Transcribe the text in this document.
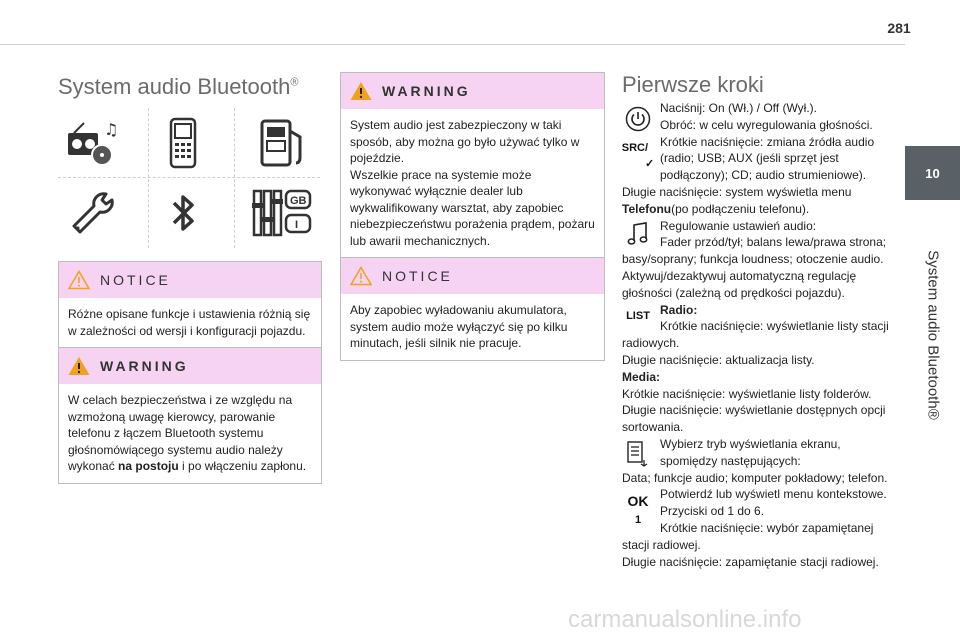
281
10
System audio Bluetooth®
System audio Bluetooth®
♫
GB
I
NOTICE
Różne opisane funkcje i ustawienia różnią się w zależności od wersji i konfiguracji pojazdu.
WARNING
W celach bezpieczeństwa i ze względu na wzmożoną uwagę kierowcy, parowanie telefonu z łączem Bluetooth systemu głośnomówiącego systemu audio należy wykonać na postoju i po włączeniu zapłonu.
WARNING
System audio jest zabezpieczony w taki sposób, aby można go było używać tylko w pojeździe.
Wszelkie prace na systemie może wykonywać wyłącznie dealer lub wykwalifikowany warsztat, aby zapobiec niebezpieczeństwu porażenia prądem, pożaru lub awarii mechanicznych.
NOTICE
Aby zapobiec wyładowaniu akumulatora, system audio może wyłączyć się po kilku minutach, jeśli silnik nie pracuje.
Pierwsze kroki
Naciśnij: On (Wł.) / Off (Wył.).
Obróć: w celu wyregulowania głośności.
SRC /✓
Krótkie naciśnięcie: zmiana źródła audio (radio; USB; AUX (jeśli sprzęt jest podłączony); CD; audio strumieniowe).
Długie naciśnięcie: system wyświetla menu Telefonu(po podłączeniu telefonu).
Regulowanie ustawień audio:
Fader przód/tył; balans lewa/prawa strona; basy/soprany; funkcja loudness; otoczenie audio.
Aktywuj/dezaktywuj automatyczną regulację głośności (zależną od prędkości pojazdu).
LIST Radio:
Krótkie naciśnięcie: wyświetlanie listy stacji radiowych.
Długie naciśnięcie: aktualizacja listy.
Media:
Krótkie naciśnięcie: wyświetlanie listy folderów.
Długie naciśnięcie: wyświetlanie dostępnych opcji sortowania.
Wybierz tryb wyświetlania ekranu, spomiędzy następujących:
Data; funkcje audio; komputer pokładowy; telefon.
OK Potwierdź lub wyświetl menu kontekstowe.
1
Przyciski od 1 do 6.
Krótkie naciśnięcie: wybór zapamiętanej stacji radiowej.
Długie naciśnięcie: zapamiętanie stacji radiowej.
carmanualsonline.info
